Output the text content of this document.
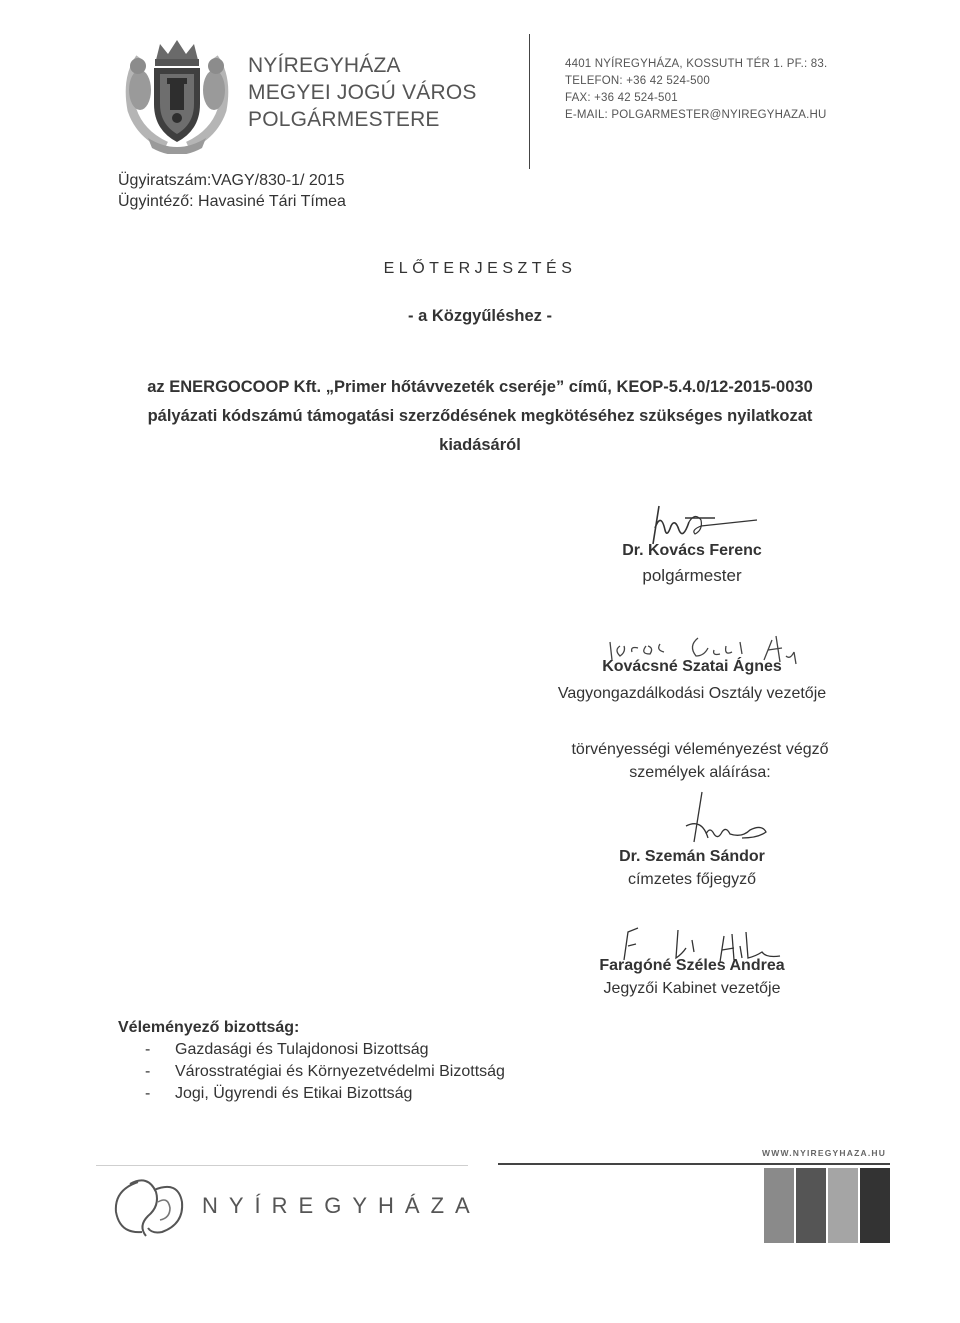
NYÍREGYHÁZA
MEGYEI JOGÚ VÁROS
POLGÁRMESTERE
4401 NYÍREGYHÁZA, KOSSUTH TÉR 1. PF.: 83.
TELEFON: +36 42 524-500
FAX: +36 42 524-501
E-MAIL: POLGARMESTER@NYIREGYHAZA.HU
Ügyiratszám:VAGY/830-1/ 2015
Ügyintéző: Havasiné Tári Tímea
ELŐTERJESZTÉS
- a Közgyűléshez -
az ENERGOCOOP Kft. „Primer hőtávvezeték cseréje” című, KEOP-5.4.0/12-2015-0030
pályázati kódszámú támogatási szerződésének megkötéséhez szükséges nyilatkozat
kiadásáról
Dr. Kovács Ferenc
polgármester
Kovácsné Szatai Ágnes
Vagyongazdálkodási Osztály vezetője
törvényességi véleményezést végző
személyek aláírása:
Dr. Szemán Sándor
címzetes főjegyző
Faragóné Széles Andrea
Jegyzői Kabinet vezetője
Véleményező bizottság:
- Gazdasági és Tulajdonosi Bizottság
- Városstratégiai és Környezetvédelmi Bizottság
- Jogi, Ügyrendi és Etikai Bizottság
WWW.NYIREGYHAZA.HU
NYÍREGYHÁZA
